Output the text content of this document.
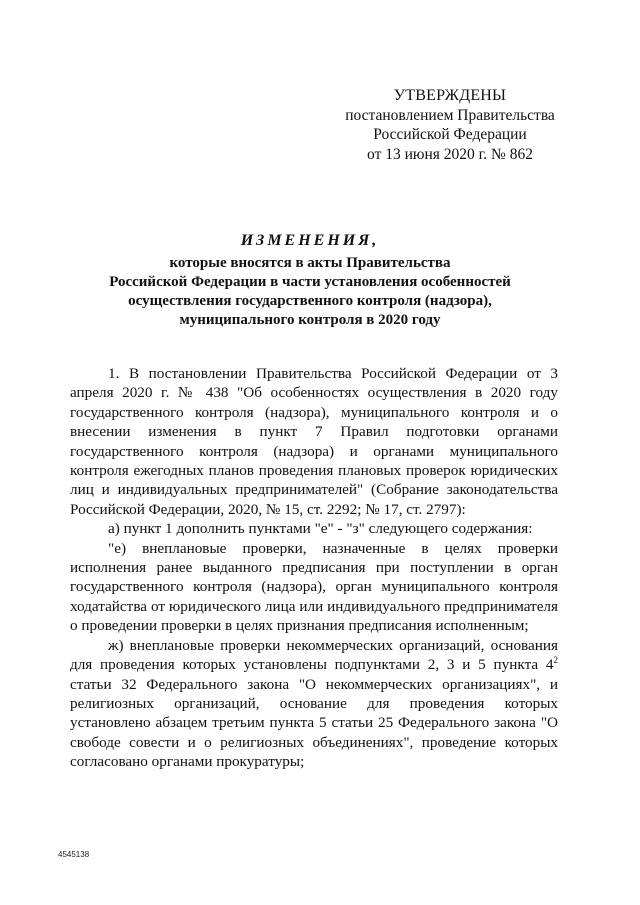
УТВЕРЖДЕНЫ
постановлением Правительства
Российской Федерации
от 13 июня 2020 г. № 862
ИЗМЕНЕНИЯ,
которые вносятся в акты Правительства
Российской Федерации в части установления особенностей
осуществления государственного контроля (надзора),
муниципального контроля в 2020 году

1. В постановлении Правительства Российской Федерации от 3 апреля 2020 г. № 438 "Об особенностях осуществления в 2020 году государственного контроля (надзора), муниципального контроля и о внесении изменения в пункт 7 Правил подготовки органами государственного контроля (надзора) и органами муниципального контроля ежегодных планов проведения плановых проверок юридических лиц и индивидуальных предпринимателей" (Собрание законодательства Российской Федерации, 2020, № 15, ст. 2292; № 17, ст. 2797):

а) пункт 1 дополнить пунктами "е" - "з" следующего содержания:

"е) внеплановые проверки, назначенные в целях проверки исполнения ранее выданного предписания при поступлении в орган государственного контроля (надзора), орган муниципального контроля ходатайства от юридического лица или индивидуального предпринимателя о проведении проверки в целях признания предписания исполненным;

ж) внеплановые проверки некоммерческих организаций, основания для проведения которых установлены подпунктами 2, 3 и 5 пункта $4^2$ статьи 32 Федерального закона "О некоммерческих организациях", и религиозных организаций, основание для проведения которых установлено абзацем третьим пункта 5 статьи 25 Федерального закона "О свободе совести и о религиозных объединениях", проведение которых согласовано органами прокуратуры;

4545138
